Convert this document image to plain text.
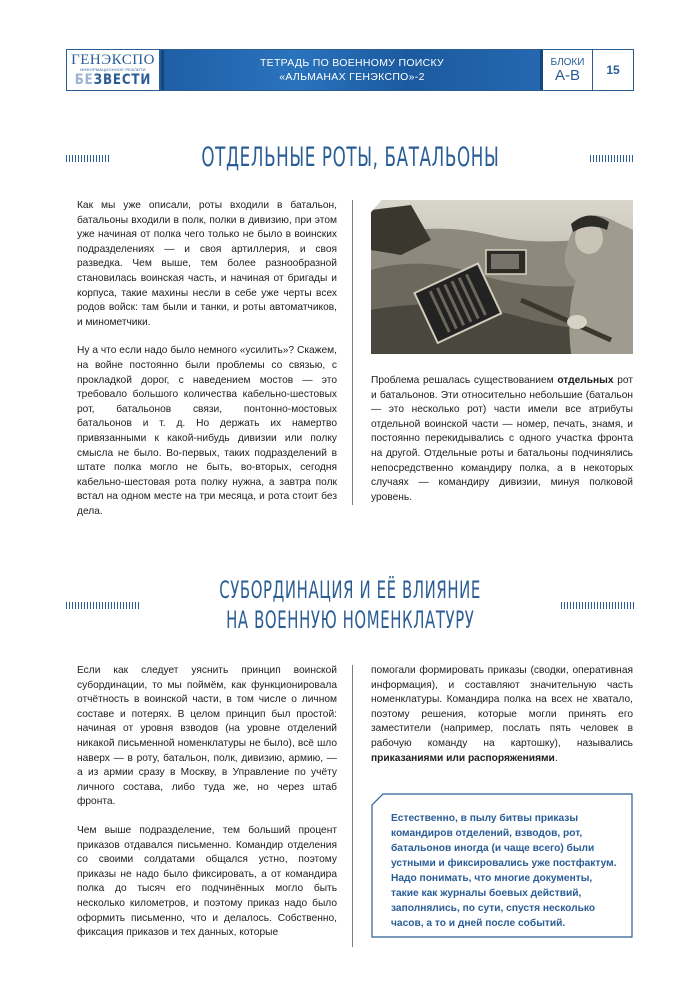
ГЕНЭКСПО
ИНФОРМАЦИОННОЕ РЕАЛИТИ
БЕЗВЕСТИ
ТЕТРАДЬ ПО ВОЕННОМУ ПОИСКУ
«АЛЬМАНАХ ГЕНЭКСПО»-2
БЛОКИ
А-В	15
ОТДЕЛЬНЫЕ РОТЫ, БАТАЛЬОНЫ

Как мы уже описали, роты входили в батальон, батальоны входили в полк, полки в дивизию, при этом уже начиная от полка чего только не было в воинских подразделениях — и своя артиллерия, и своя разведка. Чем выше, тем более разнообразной становилась воинская часть, и начиная от бригады и корпуса, такие махины несли в себе уже черты всех родов войск: там были и танки, и роты автоматчиков, и минометчики.

Ну а что если надо было немного «усилить»? Скажем, на войне постоянно были проблемы со связью, с прокладкой дорог, с наведением мостов — это требовало большого количества кабельно-шестовых рот, батальонов связи, понтонно-мостовых батальонов и т. д. Но держать их намертво привязанными к какой-нибудь дивизии или полку смысла не было. Во-первых, таких подразделений в штате полка могло не быть, во-вторых, сегодня кабельно-шестовая рота полку нужна, а завтра полк встал на одном месте на три месяца, и рота стоит без дела.

Проблема решалась существованием отдельных рот и батальонов. Эти относительно небольшие (батальон — это несколько рот) части имели все атрибуты отдельной воинской части — номер, печать, знамя, и постоянно перекидывались с одного участка фронта на другой. Отдельные роты и батальоны подчинялись непосредственно командиру полка, а в некоторых случаях — командиру дивизии, минуя полковой уровень.

СУБОРДИНАЦИЯ И ЕЁ ВЛИЯНИЕ
НА ВОЕННУЮ НОМЕНКЛАТУРУ

Если как следует уяснить принцип воинской субординации, то мы поймём, как функционировала отчётность в воинской части, в том числе о личном составе и потерях. В целом принцип был простой: начиная от уровня взводов (на уровне отделений никакой письменной номенклатуры не было), всё шло наверх — в роту, батальон, полк, дивизию, армию, — а из армии сразу в Москву, в Управление по учёту личного состава, либо туда же, но через штаб фронта.

Чем выше подразделение, тем больший процент приказов отдавался письменно. Командир отделения со своими солдатами общался устно, поэтому приказы не надо было фиксировать, а от командира полка до тысяч его подчинённых могло быть несколько километров, и поэтому приказ надо было оформить письменно, что и делалось. Собственно, фиксация приказов и тех данных, которые

помогали формировать приказы (сводки, оперативная информация), и составляют значительную часть номенклатуры. Командира полка на всех не хватало, поэтому решения, которые могли принять его заместители (например, послать пять человек в рабочую команду на картошку), назывались приказаниями или распоряжениями.

Естественно, в пылу битвы приказы командиров отделений, взводов, рот, батальонов иногда (и чаще всего) были устными и фиксировались уже постфактум. Надо понимать, что многие документы, такие как журналы боевых действий, заполнялись, по сути, спустя несколько часов, а то и дней после событий.
